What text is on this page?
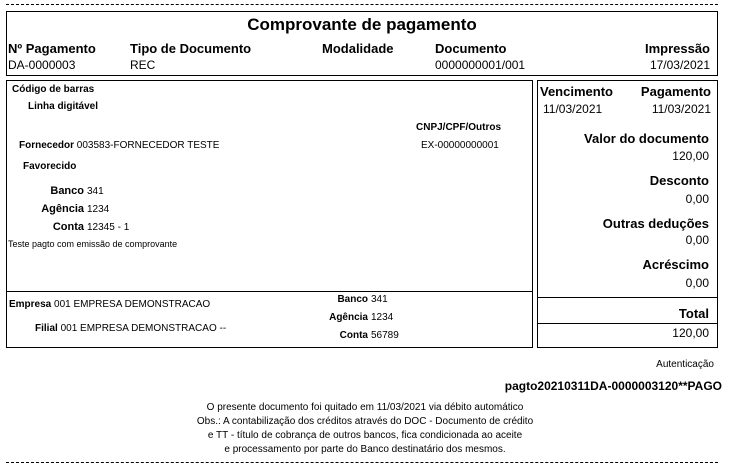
Comprovante de pagamento
Nº Pagamento
DA-0000003
Tipo de Documento
REC
Modalidade	Documento
0000000001/001
Impressão
17/03/2021
Código de barras
Linha digitável
CNPJ/CPF/Outros
EX-00000000001
Fornecedor 003583-FORNECEDOR TESTE
Favorecido
Banco 341
Agência 1234
Conta 12345 - 1
Teste pagto com emissão de comprovante
Empresa 001 EMPRESA DEMONSTRACAO
Filial 001 EMPRESA DEMONSTRACAO --
Banco 341
Agência 1234
Conta 56789
Vencimento
11/03/2021
Pagamento
11/03/2021
Valor do documento
120,00
Desconto
0,00
Outras deduções
0,00
Acréscimo
0,00
Total
120,00
Autenticação
pagto20210311DA-0000003120**PAGO
O presente documento foi quitado em 11/03/2021 via débito automático
Obs.: A contabilização dos créditos através do DOC - Documento de crédito
e TT - título de cobrança de outros bancos, fica condicionada ao aceite
e processamento por parte do Banco destinatário dos mesmos.
